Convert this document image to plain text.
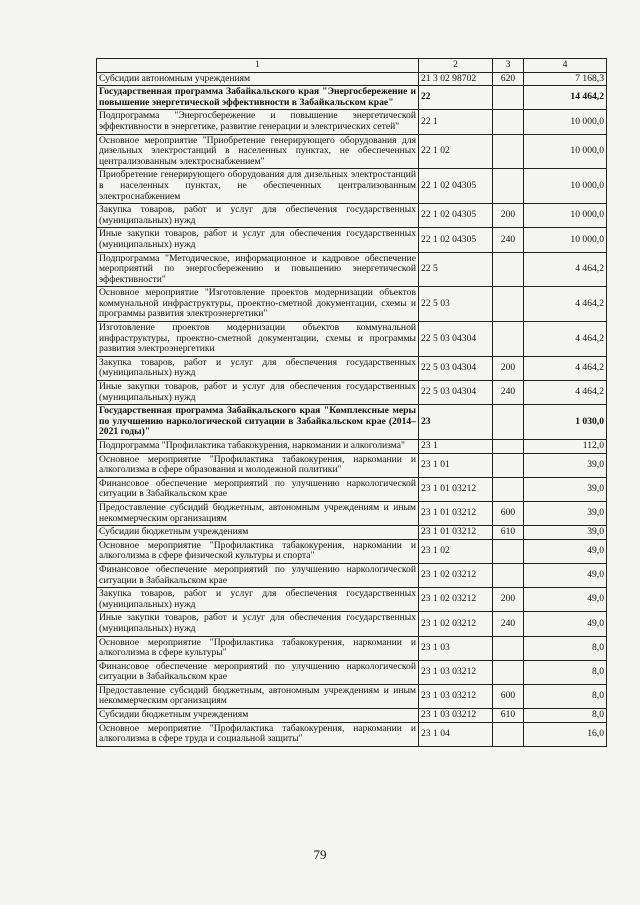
1	2	3	4
Субсидии автономным учреждениям	21 3 02 98702	620	7 168,3
Государственная программа Забайкальского края "Энергосбережение и повышение энергетической эффективности в Забайкальском крае"	22		14 464,2
Подпрограмма "Энергосбережение и повышение энергетической эффективности в энергетике, развитие генерации и электрических сетей"	22 1		10 000,0
Основное мероприятие "Приобретение генерирующего оборудования для дизельных электростанций в населенных пунктах, не обеспеченных централизованным электроснабжением"	22 1 02		10 000,0
Приобретение генерирующего оборудования для дизельных электростанций в населенных пунктах, не обеспеченных централизованным электроснабжением	22 1 02 04305		10 000,0
Закупка товаров, работ и услуг для обеспечения государственных (муниципальных) нужд	22 1 02 04305	200	10 000,0
Иные закупки товаров, работ и услуг для обеспечения государственных (муниципальных) нужд	22 1 02 04305	240	10 000,0
Подпрограмма "Методическое, информационное и кадровое обеспечение мероприятий по энергосбережению и повышению энергетической эффективности"	22 5		4 464,2
Основное мероприятие "Изготовление проектов модернизации объектов коммунальной инфраструктуры, проектно-сметной документации, схемы и программы развития электроэнергетики"	22 5 03		4 464,2
Изготовление проектов модернизации объектов коммунальной инфраструктуры, проектно-сметной документации, схемы и программы развития электроэнергетики	22 5 03 04304		4 464,2
Закупка товаров, работ и услуг для обеспечения государственных (муниципальных) нужд	22 5 03 04304	200	4 464,2
Иные закупки товаров, работ и услуг для обеспечения государственных (муниципальных) нужд	22 5 03 04304	240	4 464,2
Государственная программа Забайкальского края "Комплексные меры по улучшению наркологической ситуации в Забайкальском крае (2014–2021 годы)"	23		1 030,0
Подпрограмма "Профилактика табакокурения, наркомании и алкоголизма"	23 1		112,0
Основное мероприятие "Профилактика табакокурения, наркомании и алкоголизма в сфере образования и молодежной политики"	23 1 01		39,0
Финансовое обеспечение мероприятий по улучшению наркологической ситуации в Забайкальском крае	23 1 01 03212		39,0
Предоставление субсидий бюджетным, автономным учреждениям и иным некоммерческим организациям	23 1 01 03212	600	39,0
Субсидии бюджетным учреждениям	23 1 01 03212	610	39,0
Основное мероприятие "Профилактика табакокурения, наркомании и алкоголизма в сфере физической культуры и спорта"	23 1 02		49,0
Финансовое обеспечение мероприятий по улучшению наркологической ситуации в Забайкальском крае	23 1 02 03212		49,0
Закупка товаров, работ и услуг для обеспечения государственных (муниципальных) нужд	23 1 02 03212	200	49,0
Иные закупки товаров, работ и услуг для обеспечения государственных (муниципальных) нужд	23 1 02 03212	240	49,0
Основное мероприятие "Профилактика табакокурения, наркомании и алкоголизма в сфере культуры"	23 1 03		8,0
Финансовое обеспечение мероприятий по улучшению наркологической ситуации в Забайкальском крае	23 1 03 03212		8,0
Предоставление субсидий бюджетным, автономным учреждениям и иным некоммерческим организациям	23 1 03 03212	600	8,0
Субсидии бюджетным учреждениям	23 1 03 03212	610	8,0
Основное мероприятие "Профилактика табакокурения, наркомании и алкоголизма в сфере труда и социальной защиты"	23 1 04		16,0
79
